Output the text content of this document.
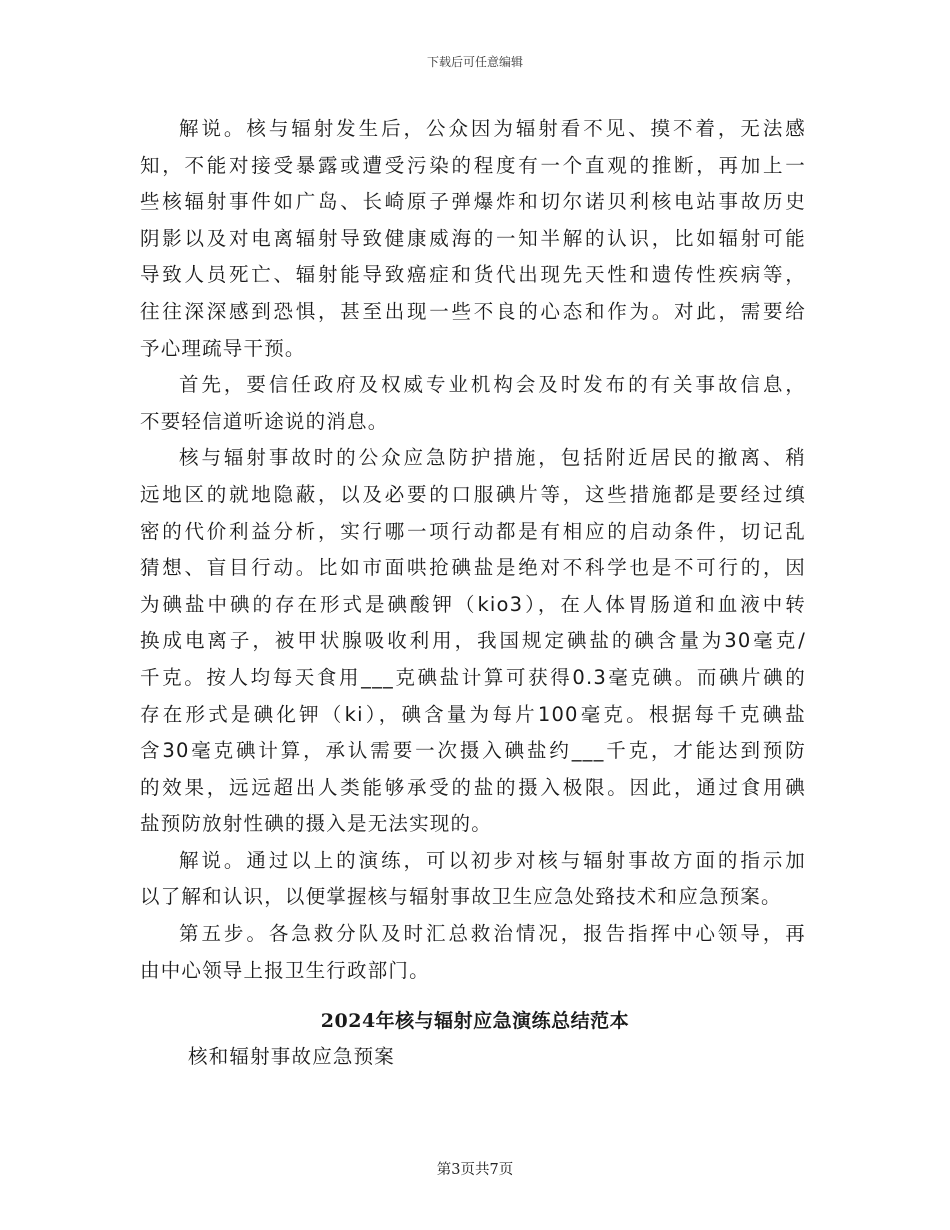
下载后可任意编辑
解说。核与辐射发生后，公众因为辐射看不见、摸不着，无法感
知，不能对接受暴露或遭受污染的程度有一个直观的推断，再加上一
些核辐射事件如广岛、长崎原子弹爆炸和切尔诺贝利核电站事故历史
阴影以及对电离辐射导致健康威海的一知半解的认识，比如辐射可能
导致人员死亡、辐射能导致癌症和货代出现先天性和遗传性疾病等，
往往深深感到恐惧，甚至出现一些不良的心态和作为。对此，需要给
予心理疏导干预。
首先，要信任政府及权威专业机构会及时发布的有关事故信息，
不要轻信道听途说的消息。
核与辐射事故时的公众应急防护措施，包括附近居民的撤离、稍
远地区的就地隐蔽，以及必要的口服碘片等，这些措施都是要经过缜
密的代价利益分析，实行哪一项行动都是有相应的启动条件，切记乱
猜想、盲目行动。比如市面哄抢碘盐是绝对不科学也是不可行的，因
为碘盐中碘的存在形式是碘酸钾（kio3），在人体胃肠道和血液中转
换成电离子，被甲状腺吸收利用，我国规定碘盐的碘含量为30毫克/
千克。按人均每天食用___克碘盐计算可获得0.3毫克碘。而碘片碘的
存在形式是碘化钾（ki），碘含量为每片100毫克。根据每千克碘盐
含30毫克碘计算，承认需要一次摄入碘盐约___千克，才能达到预防
的效果，远远超出人类能够承受的盐的摄入极限。因此，通过食用碘
盐预防放射性碘的摄入是无法实现的。
解说。通过以上的演练，可以初步对核与辐射事故方面的指示加
以了解和认识，以便掌握核与辐射事故卫生应急处臵技术和应急预案。
第五步。各急救分队及时汇总救治情况，报告指挥中心领导，再
由中心领导上报卫生行政部门。
2024年核与辐射应急演练总结范本
核和辐射事故应急预案
第3页共7页
